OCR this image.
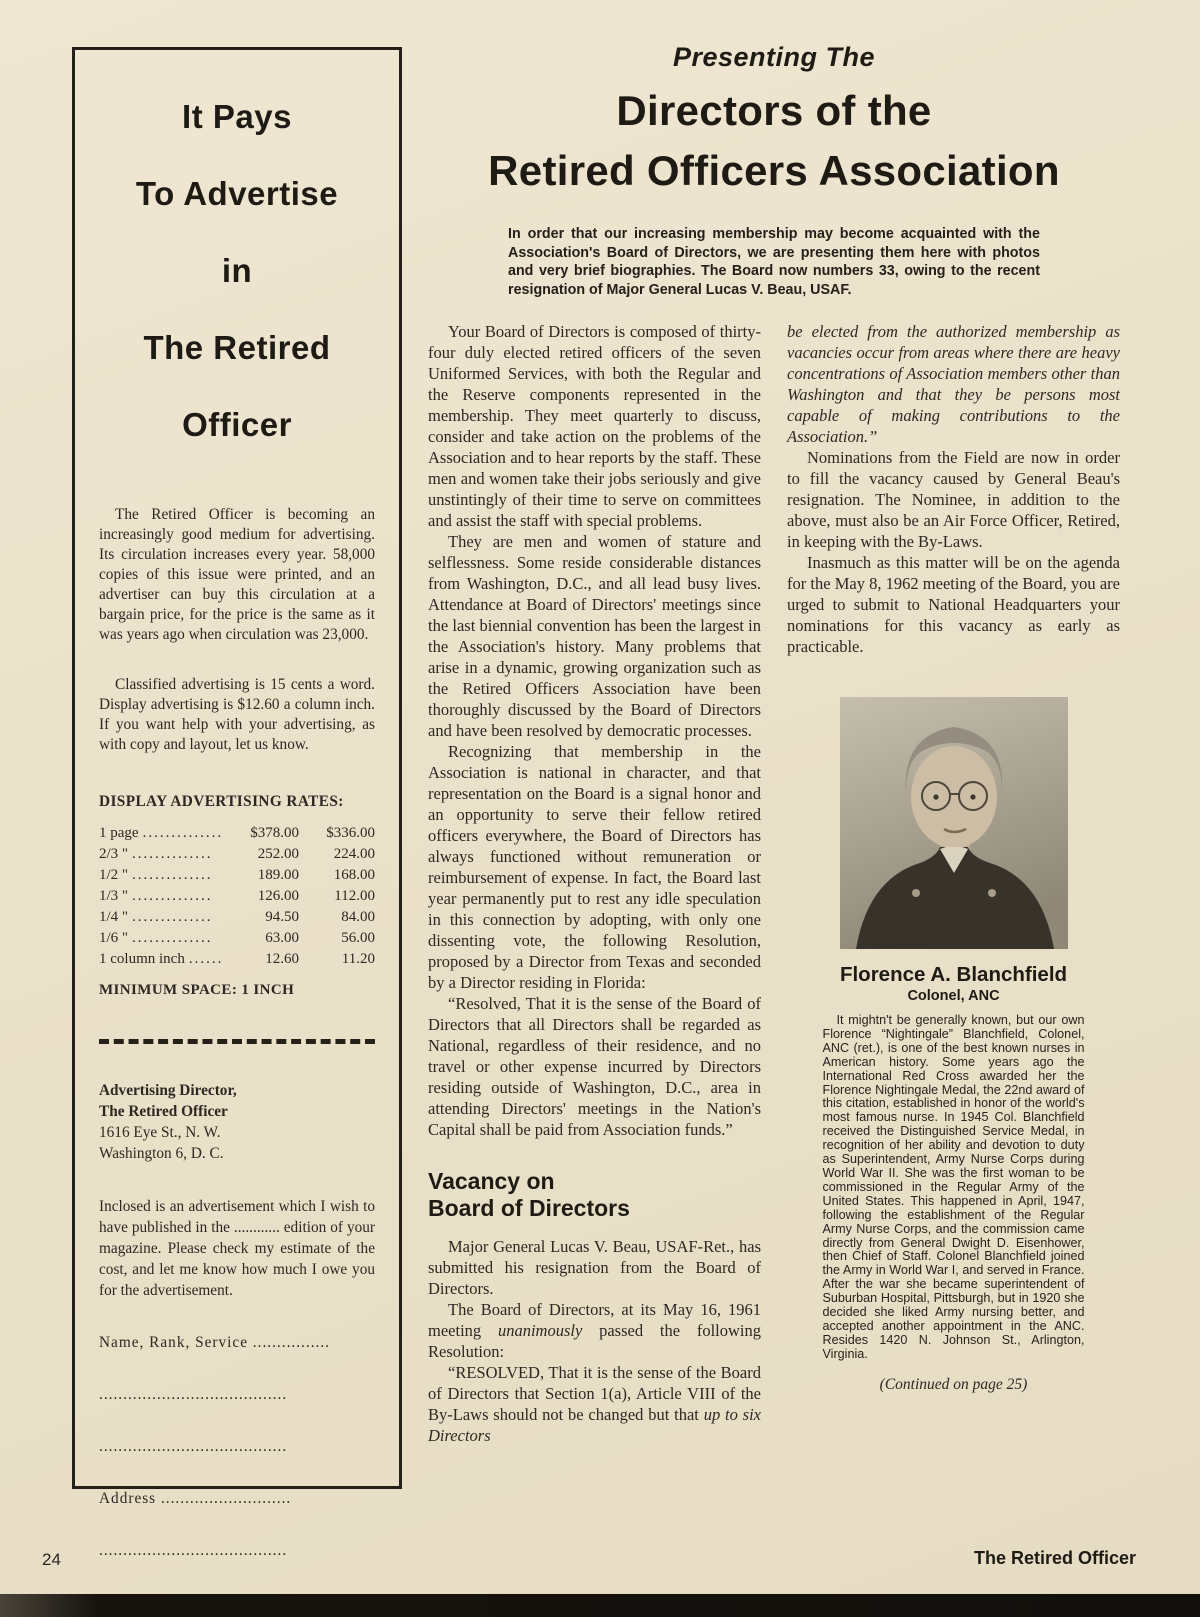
It Pays
To Advertise
in
The Retired
Officer

The Retired Officer is becoming an increasingly good medium for advertising. Its circulation increases every year. 58,000 copies of this issue were printed, and an advertiser can buy this circulation at a bargain price, for the price is the same as it was years ago when circulation was 23,000.

Classified advertising is 15 cents a word. Display advertising is $12.60 a column inch. If you want help with your advertising, as with copy and layout, let us know.

DISPLAY ADVERTISING RATES:
1 page ..............	$378.00	$336.00
2/3 " ..............	252.00	224.00
1/2 " ..............	189.00	168.00
1/3 " ..............	126.00	112.00
1/4 " ..............	94.50	84.00
1/6 " ..............	63.00	56.00
1 column inch ......	12.60	11.20
MINIMUM SPACE: 1 INCH
Advertising Director,
The Retired Officer
1616 Eye St., N. W.
Washington 6, D. C.

Inclosed is an advertisement which I wish to have published in the ............ edition of your magazine. Please check my estimate of the cost, and let me know how much I owe you for the advertisement.

Name, Rank, Service ................
.......................................
.......................................
Address ...........................
.......................................
Presenting The
Directors of the
Retired Officers Association

In order that our increasing membership may become acquainted with the Association's Board of Directors, we are presenting them here with photos and very brief biographies. The Board now numbers 33, owing to the recent resignation of Major General Lucas V. Beau, USAF.

Your Board of Directors is composed of thirty-four duly elected retired officers of the seven Uniformed Services, with both the Regular and the Reserve components represented in the membership. They meet quarterly to discuss, consider and take action on the problems of the Association and to hear reports by the staff. These men and women take their jobs seriously and give unstintingly of their time to serve on committees and assist the staff with special problems.

They are men and women of stature and selflessness. Some reside considerable distances from Washington, D.C., and all lead busy lives. Attendance at Board of Directors' meetings since the last biennial convention has been the largest in the Association's history. Many problems that arise in a dynamic, growing organization such as the Retired Officers Association have been thoroughly discussed by the Board of Directors and have been resolved by democratic processes.

Recognizing that membership in the Association is national in character, and that representation on the Board is a signal honor and an opportunity to serve their fellow retired officers everywhere, the Board of Directors has always functioned without remuneration or reimbursement of expense. In fact, the Board last year permanently put to rest any idle speculation in this connection by adopting, with only one dissenting vote, the following Resolution, proposed by a Director from Texas and seconded by a Director residing in Florida:

“Resolved, That it is the sense of the Board of Directors that all Directors shall be regarded as National, regardless of their residence, and no travel or other expense incurred by Directors residing outside of Washington, D.C., area in attending Directors' meetings in the Nation's Capital shall be paid from Association funds.”

Vacancy on
Board of Directors

Major General Lucas V. Beau, USAF-Ret., has submitted his resignation from the Board of Directors.

The Board of Directors, at its May 16, 1961 meeting unanimously passed the following Resolution:

“RESOLVED, That it is the sense of the Board of Directors that Section 1(a), Article VIII of the By-Laws should not be changed but that up to six Directors

be elected from the authorized membership as vacancies occur from areas where there are heavy concentrations of Association members other than Washington and that they be persons most capable of making contributions to the Association.”

Nominations from the Field are now in order to fill the vacancy caused by General Beau's resignation. The Nominee, in addition to the above, must also be an Air Force Officer, Retired, in keeping with the By-Laws.

Inasmuch as this matter will be on the agenda for the May 8, 1962 meeting of the Board, you are urged to submit to National Headquarters your nominations for this vacancy as early as practicable.

Florence A. Blanchfield
Colonel, ANC

It mightn't be generally known, but our own Florence “Nightingale” Blanchfield, Colonel, ANC (ret.), is one of the best known nurses in American history. Some years ago the International Red Cross awarded her the Florence Nightingale Medal, the 22nd award of this citation, established in honor of the world's most famous nurse. In 1945 Col. Blanchfield received the Distinguished Service Medal, in recognition of her ability and devotion to duty as Superintendent, Army Nurse Corps during World War II. She was the first woman to be commissioned in the Regular Army of the United States. This happened in April, 1947, following the establishment of the Regular Army Nurse Corps, and the commission came directly from General Dwight D. Eisenhower, then Chief of Staff. Colonel Blanchfield joined the Army in World War I, and served in France. After the war she became superintendent of Suburban Hospital, Pittsburgh, but in 1920 she decided she liked Army nursing better, and accepted another appointment in the ANC. Resides 1420 N. Johnson St., Arlington, Virginia.

(Continued on page 25)
24	The Retired Officer
